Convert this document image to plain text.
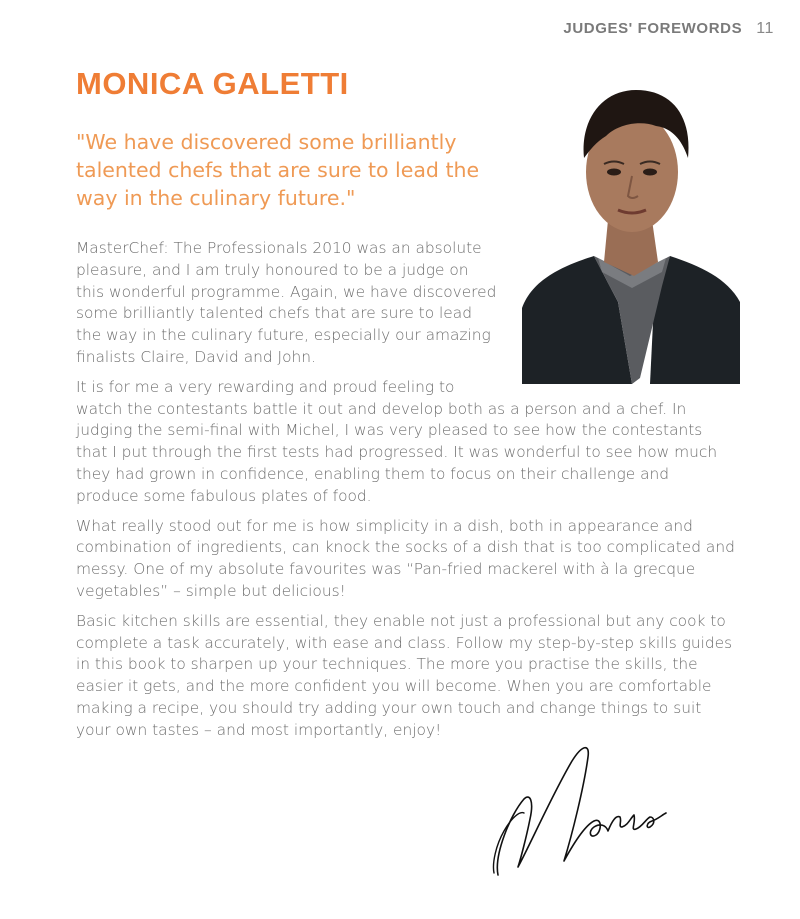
JUDGES' FOREWORDS 11
MONICA GALETTI

"We have discovered some brilliantly talented chefs that are sure to lead the way in the culinary future."

MasterChef: The Professionals 2010 was an absolute pleasure, and I am truly honoured to be a judge on this wonderful programme. Again, we have discovered some brilliantly talented chefs that are sure to lead the way in the culinary future, especially our amazing finalists Claire, David and John.

It is for me a very rewarding and proud feeling to watch the contestants battle it out and develop both as a person and a chef. In judging the semi-final with Michel, I was very pleased to see how the contestants that I put through the first tests had progressed. It was wonderful to see how much they had grown in confidence, enabling them to focus on their challenge and produce some fabulous plates of food.

What really stood out for me is how simplicity in a dish, both in appearance and combination of ingredients, can knock the socks of a dish that is too complicated and messy. One of my absolute favourites was “Pan-fried mackerel with à la grecque vegetables” – simple but delicious!

Basic kitchen skills are essential, they enable not just a professional but any cook to complete a task accurately, with ease and class. Follow my step-by-step skills guides in this book to sharpen up your techniques. The more you practise the skills, the easier it gets, and the more confident you will become. When you are comfortable making a recipe, you should try adding your own touch and change things to suit your own tastes – and most importantly, enjoy!
